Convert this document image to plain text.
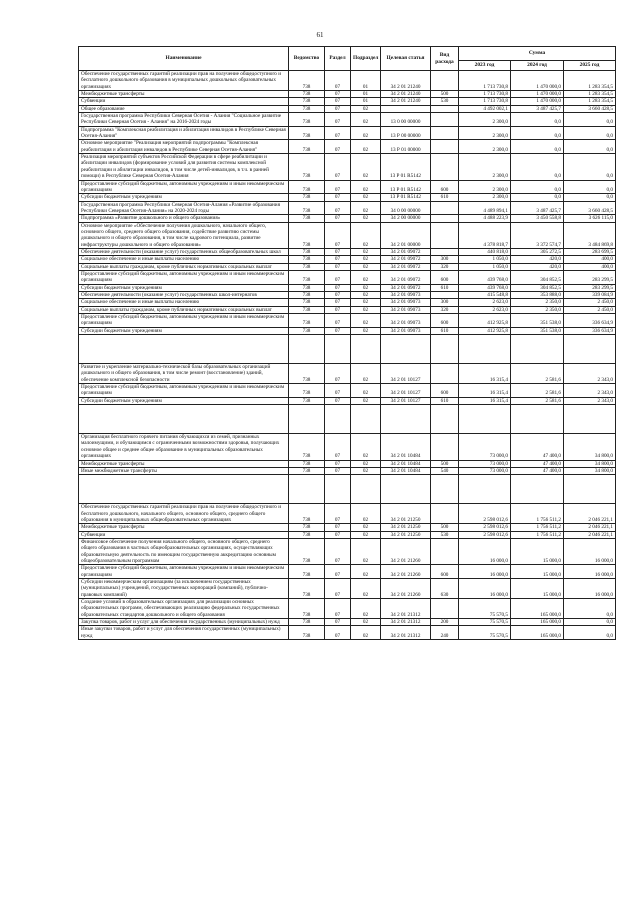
61
Наименование	Ведомство	Раздел	Подраздел	Целевая статья	Вид расхода	Сумма		
						2023 год	2024 год	2025 год
Обеспечение государственных гарантий реализации прав на получение общедоступного и бесплатного дошкольного образования в муниципальных дошкольных образовательных организациях	738	07	01	34 2 01 21240		1 713 730,8	1 470 000,0	1 283 354,5
Межбюджетные трансферты	738	07	01	34 2 01 21240	500	1 713 730,8	1 470 000,0	1 283 354,5
Субвенции	738	07	01	34 2 01 21240	530	1 713 730,8	1 470 000,0	1 283 354,5
Общее образование	738	07	02			4 492 002,1	3 487 425,7	3 660 428,5
Государственная программа Республики Северная Осетия - Алания "Социальное развитие Республики Северная Осетия - Алания" на 2016-2024 годы	738	07	02	13 0 00 00000		2 300,0	0,0	0,0
Подпрограмма "Комплексная реабилитация и абилитация инвалидов в Республике Северная Осетия-Алания"	738	07	02	13 Р 00 00000		2 300,0	0,0	0,0
Основное мероприятие "Реализация мероприятий подпрограммы "Комплексная реабилитация и абилитация инвалидов в Республике Северная Осетия-Алания"	738	07	02	13 Р 01 00000		2 300,0	0,0	0,0
Реализация мероприятий субъектов Российской Федерации в сфере реабилитации и абилитации инвалидов (формирование условий для развития системы комплексной реабилитации и абилитации инвалидов, в том числе детей-инвалидов, в т.ч. в ранней помощи) в Республике Северная Осетия-Алания	738	07	02	13 Р 01 R5142		2 300,0	0,0	0,0
Предоставление субсидий бюджетным, автономным учреждениям и иным некоммерческим организациям	738	07	02	13 Р 01 R5142	600	2 300,0	0,0	0,0
Субсидии бюджетным учреждениям	738	07	02	13 Р 01 R5142	610	2 300,0	0,0	0,0
Государственная программа Республики Северная Осетия-Алания «Развитие образования Республики Северная Осетия-Алания» на 2020-2024 годы	738	07	02	34 0 00 00000		4 489 894,1	3 487 425,7	3 660 428,5
Подпрограмма «Развитие дошкольного и общего образования»	738	07	02	34 2 00 00000		4 488 223,9	3 450 558,8	3 626 115,0
Основное мероприятие «Обеспечение получения дошкольного, начального общего, основного общего, среднего общего образования, содействие развитию системы дошкольного и общего образования, в том числе кадрового потенциала, развитие инфраструктуры дошкольного и общего образования»	738	07	02	34 2 01 00000		4 378 818,7	3 372 574,7	3 484 869,8
Обеспечение деятельности (оказание услуг) государственных общеобразовательных школ	738	07	02	34 2 01 09072		440 818,0	305 272,5	283 699,5
Социальное обеспечение и иные выплаты населению	738	07	02	34 2 01 09072	300	1 050,0	420,0	400,0
Социальные выплаты гражданам, кроме публичных нормативных социальных выплат	738	07	02	34 2 01 09072	320	1 050,0	420,0	400,0
Предоставление субсидий бюджетным, автономным учреждениям и иным некоммерческим организациям	738	07	02	34 2 01 09072	600	439 768,0	304 852,5	283 299,5
Субсидии бюджетным учреждениям	738	07	02	34 2 01 09072	610	439 768,0	304 852,5	283 299,5
Обеспечение деятельности (оказание услуг) государственных школ-интернатов	738	07	02	34 2 01 09073		415 548,8	353 888,0	339 084,9
Социальное обеспечение и иные выплаты населению	738	07	02	34 2 01 09073	300	2 623,0	2 350,0	2 450,0
Социальные выплаты гражданам, кроме публичных нормативных социальных выплат	738	07	02	34 2 01 09073	320	2 623,0	2 350,0	2 450,0
Предоставление субсидий бюджетным, автономным учреждениям и иным некоммерческим организациям	738	07	02	34 2 01 09073	600	412 925,8	351 538,0	336 634,9
Субсидии бюджетным учреждениям	738	07	02	34 2 01 09073	610	412 925,8	351 538,0	336 634,9

Развитие и укрепление материально-технической базы образовательных организаций дошкольного и общего образования, в том числе ремонт (восстановление) зданий, обеспечение комплексной безопасности	738	07	02	34 2 01 10127		16 315,4	2 581,6	2 343,0
Предоставление субсидий бюджетным, автономным учреждениям и иным некоммерческим организациям	738	07	02	34 2 01 10127	600	16 315,4	2 581,6	2 343,0
Субсидии бюджетным учреждениям	738	07	02	34 2 01 10127	610	16 315,4	2 581,6	2 343,0

Организация бесплатного горячего питания обучающихся из семей, признанных малоимущими, и обучающимся с ограниченными возможностями здоровья, получающих основное общее и среднее общее образование в муниципальных образовательных организациях	738	07	02	34 2 01 10484		73 000,0	47 400,0	34 800,0
Межбюджетные трансферты	738	07	02	34 2 01 10484	500	73 000,0	47 400,0	34 800,0
Иные межбюджетные трансферты	738	07	02	34 2 01 10484	540	73 000,0	47 400,0	34 800,0

Обеспечение государственных гарантий реализации прав на получение общедоступного и бесплатного дошкольного, начального общего, основного общего, среднего общего образования в муниципальных общеобразовательных организациях	738	07	02	34 2 01 21250		2 598 012,6	1 756 511,2	2 046 221,1
Межбюджетные трансферты	738	07	02	34 2 01 21250	500	2 598 012,6	1 756 511,2	2 046 221,1
Субвенции	738	07	02	34 2 01 21250	530	2 598 012,6	1 756 511,2	2 046 221,1
Финансовое обеспечение получения начального общего, основного общего, среднего общего образования в частных общеобразовательных организациях, осуществляющих образовательную деятельность по имеющим государственную аккредитацию основным общеобразовательным программам	738	07	02	34 2 01 21260		16 000,0	15 000,0	16 000,0
Предоставление субсидий бюджетным, автономным учреждениям и иным некоммерческим организациям	738	07	02	34 2 01 21260	600	16 000,0	15 000,0	16 000,0
Субсидии некоммерческим организациям (за исключением государственных (муниципальных) учреждений, государственных корпораций (компаний), публично-правовых компаний)	738	07	02	34 2 01 21260	630	16 000,0	15 000,0	16 000,0
Создание условий в образовательных организациях для реализации основных образовательных программ, обеспечивающих реализацию федеральных государственных образовательных стандартов дошкольного и общего образования	738	07	02	34 2 01 21312		75 570,5	165 000,0	0,0
Закупка товаров, работ и услуг для обеспечения государственных (муниципальных) нужд	738	07	02	34 2 01 21312	200	75 570,5	165 000,0	0,0
Иные закупки товаров, работ и услуг для обеспечения государственных (муниципальных) нужд	738	07	02	34 2 01 21312	240	75 570,5	165 000,0	0,0
